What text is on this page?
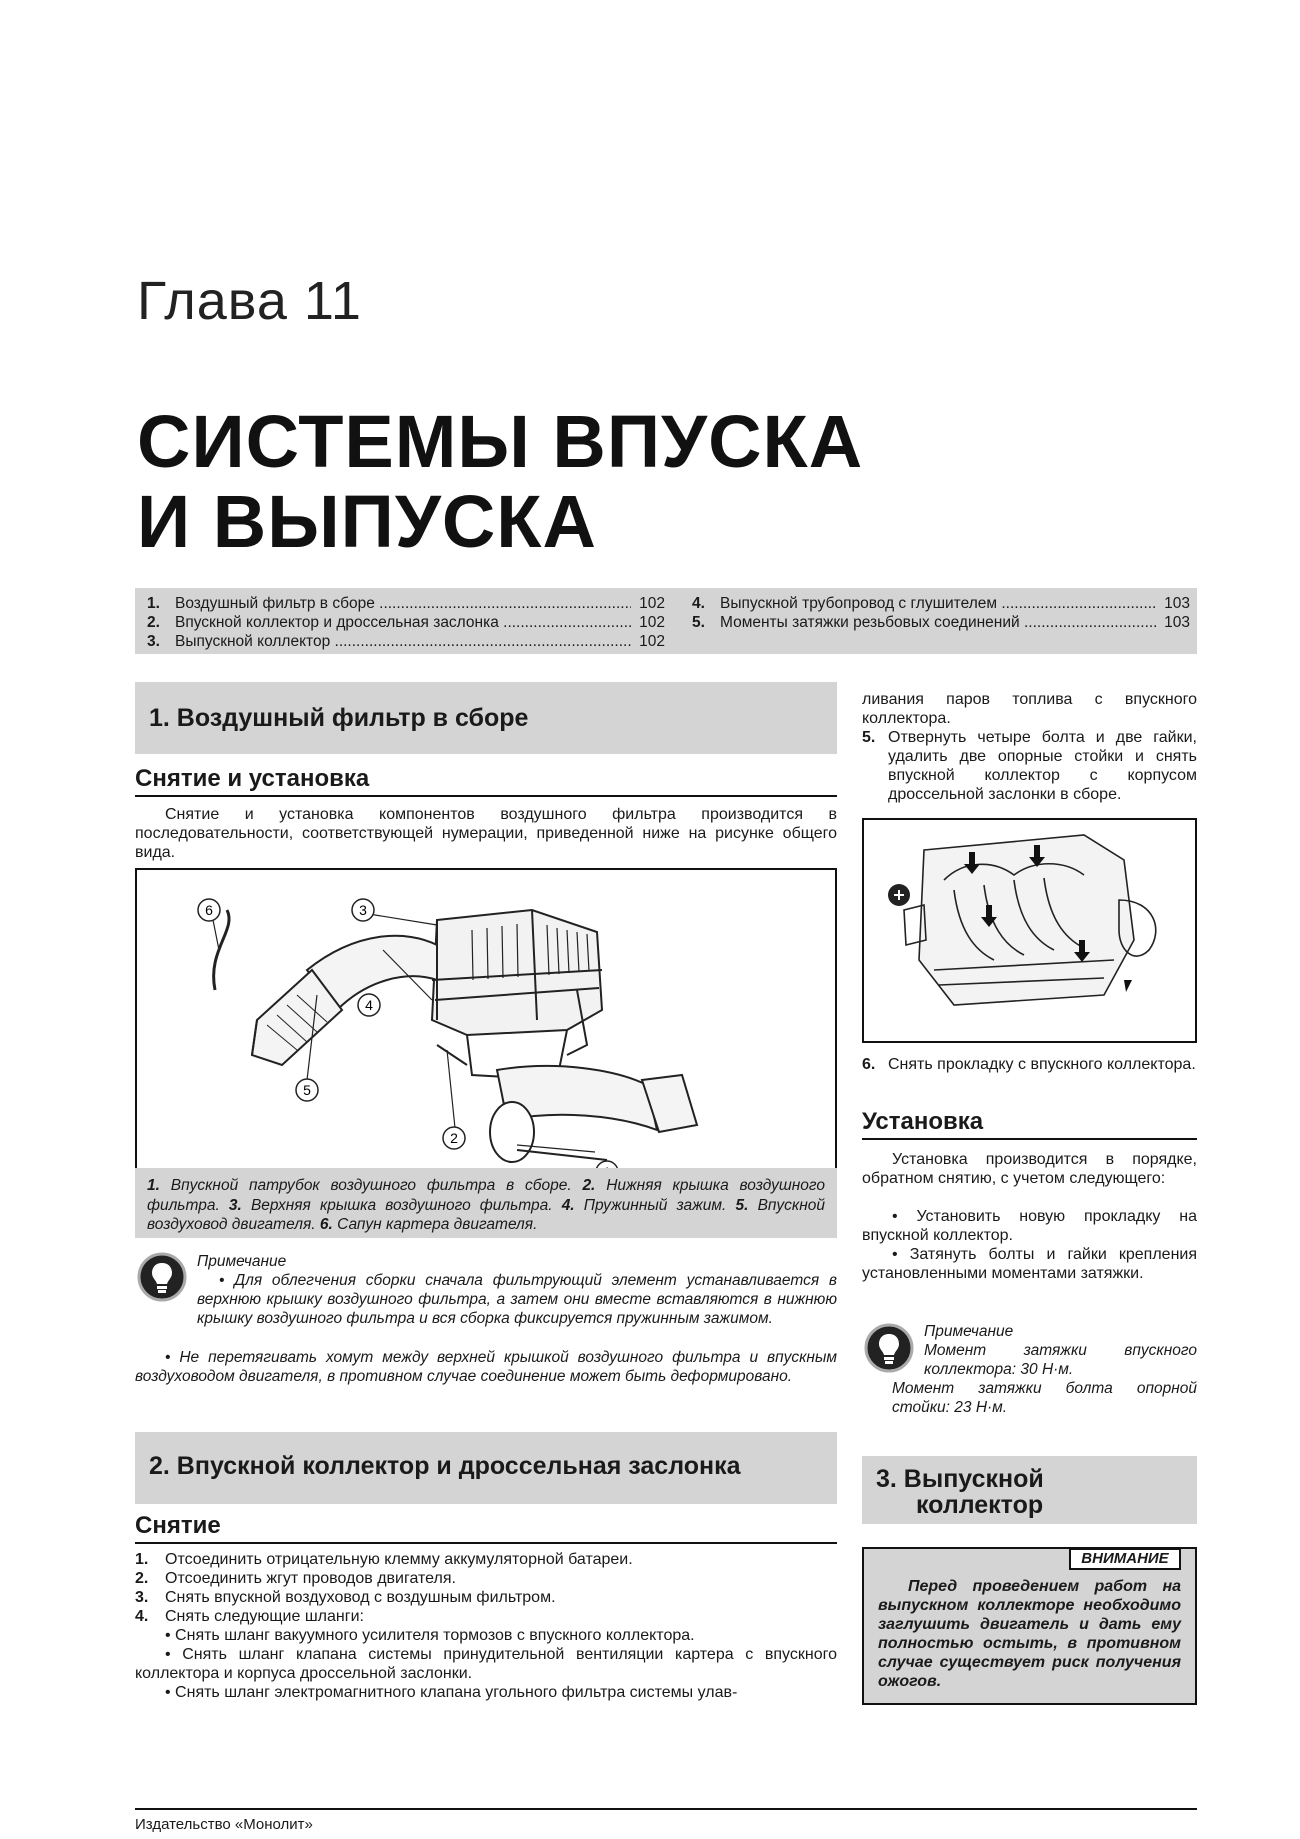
Глава 11
СИСТЕМЫ ВПУСКА
И ВЫПУСКА
1. Воздушный фильтр в сборе .....	102
2. Впускной коллектор и дроссельная заслонка .....	102
3. Выпускной коллектор .....	102
4. Выпускной трубопровод с глушителем .....	103
5. Моменты затяжки резьбовых соединений .....	103
1. Воздушный фильтр в сборе
Снятие и установка
Снятие и установка компонентов воздушного фильтра производится в последовательности, соответствующей нумерации, приведенной ниже на рисунке общего вида.
2
3
4
5
6
1. Впускной патрубок воздушного фильтра в сборе. 2. Нижняя крышка воздушного фильтра. 3. Верхняя крышка воздушного фильтра. 4. Пружинный зажим. 5. Впускной воздуховод двигателя. 6. Сапун картера двигателя.
Примечание
• Для облегчения сборки сначала фильтрующий элемент устанавливается в верхнюю крышку воздушного фильтра, а затем они вместе вставляются в нижнюю крышку воздушного фильтра и вся сборка фиксируется пружинным зажимом.
• Не перетягивать хомут между верхней крышкой воздушного фильтра и впускным воздуховодом двигателя, в противном случае соединение может быть деформировано.
2. Впускной коллектор и дроссельная заслонка
Снятие
1.	Отсоединить отрицательную клемму аккумуляторной батареи.
2.	Отсоединить жгут проводов двигателя.
3.	Снять впускной воздуховод с воздушным фильтром.
4.	Снять следующие шланги:
• Снять шланг вакуумного усилителя тормозов с впускного коллектора.
• Снять шланг клапана системы принудительной вентиляции картера с впускного коллектора и корпуса дроссельной заслонки.
• Снять шланг электромагнитного клапана угольного фильтра системы улав-
ливания паров топлива с впускного коллектора.
5. Отвернуть четыре болта и две гайки, удалить две опорные стойки и снять впускной коллектор с корпусом дроссельной заслонки в сборе.
6. Снять прокладку с впускного коллектора.
Установка
Установка производится в порядке, обратном снятию, с учетом следующего:
• Установить новую прокладку на впускной коллектор.
• Затянуть болты и гайки крепления установленными моментами затяжки.
Примечание
Момент затяжки впускного коллектора: 30 Н·м.
Момент затяжки болта опорной стойки: 23 Н·м.
3. Выпускной
коллектор
ВНИМАНИЕ
Перед проведением работ на выпускном коллекторе необходимо заглушить двигатель и дать ему полностью остыть, в противном случае существует риск получения ожогов.
Издательство «Монолит»
